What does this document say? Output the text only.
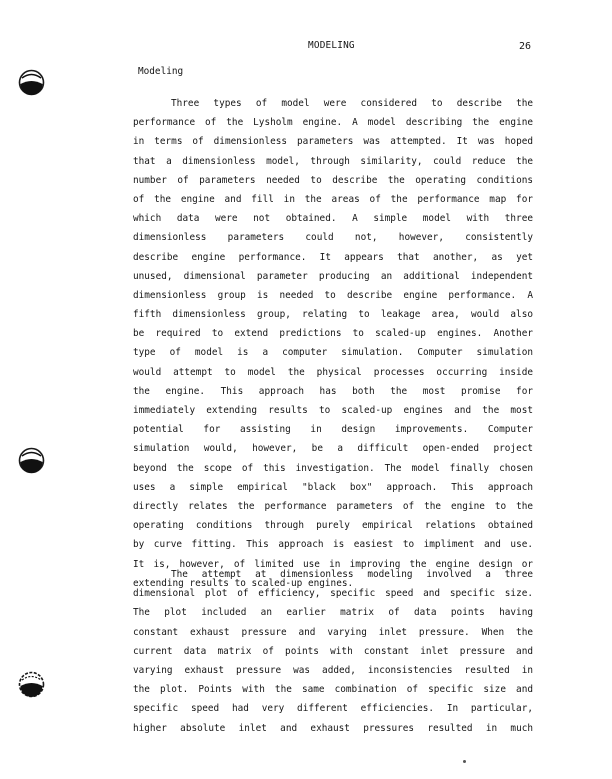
MODELING	26
Modeling
Three types of model were considered to describe the
performance of the Lysholm engine. A model describing the engine
in terms of dimensionless parameters was attempted. It was hoped
that a dimensionless model, through similarity, could reduce the
number of parameters needed to describe the operating conditions
of the engine and fill in the areas of the performance map for
which data were not obtained. A simple model with three
dimensionless parameters could not, however, consistently
describe engine performance. It appears that another, as yet
unused, dimensional parameter producing an additional independent
dimensionless group is needed to describe engine performance. A
fifth dimensionless group, relating to leakage area, would also
be required to extend predictions to scaled-up engines. Another
type of model is a computer simulation. Computer simulation
would attempt to model the physical processes occurring inside
the engine. This approach has both the most promise for
immediately extending results to scaled-up engines and the most
potential for assisting in design improvements. Computer
simulation would, however, be a difficult open-ended project
beyond the scope of this investigation. The model finally chosen
uses a simple empirical "black box" approach. This approach
directly relates the performance parameters of the engine to the
operating conditions through purely empirical relations obtained
by curve fitting. This approach is easiest to impliment and use.
It is, however, of limited use in improving the engine design or
extending results to scaled-up engines.
The attempt at dimensionless modeling involved a three
dimensional plot of efficiency, specific speed and specific size.
The plot included an earlier matrix of data points having
constant exhaust pressure and varying inlet pressure. When the
current data matrix of points with constant inlet pressure and
varying exhaust pressure was added, inconsistencies resulted in
the plot. Points with the same combination of specific size and
specific speed had very different efficiencies. In particular,
higher absolute inlet and exhaust pressures resulted in much
